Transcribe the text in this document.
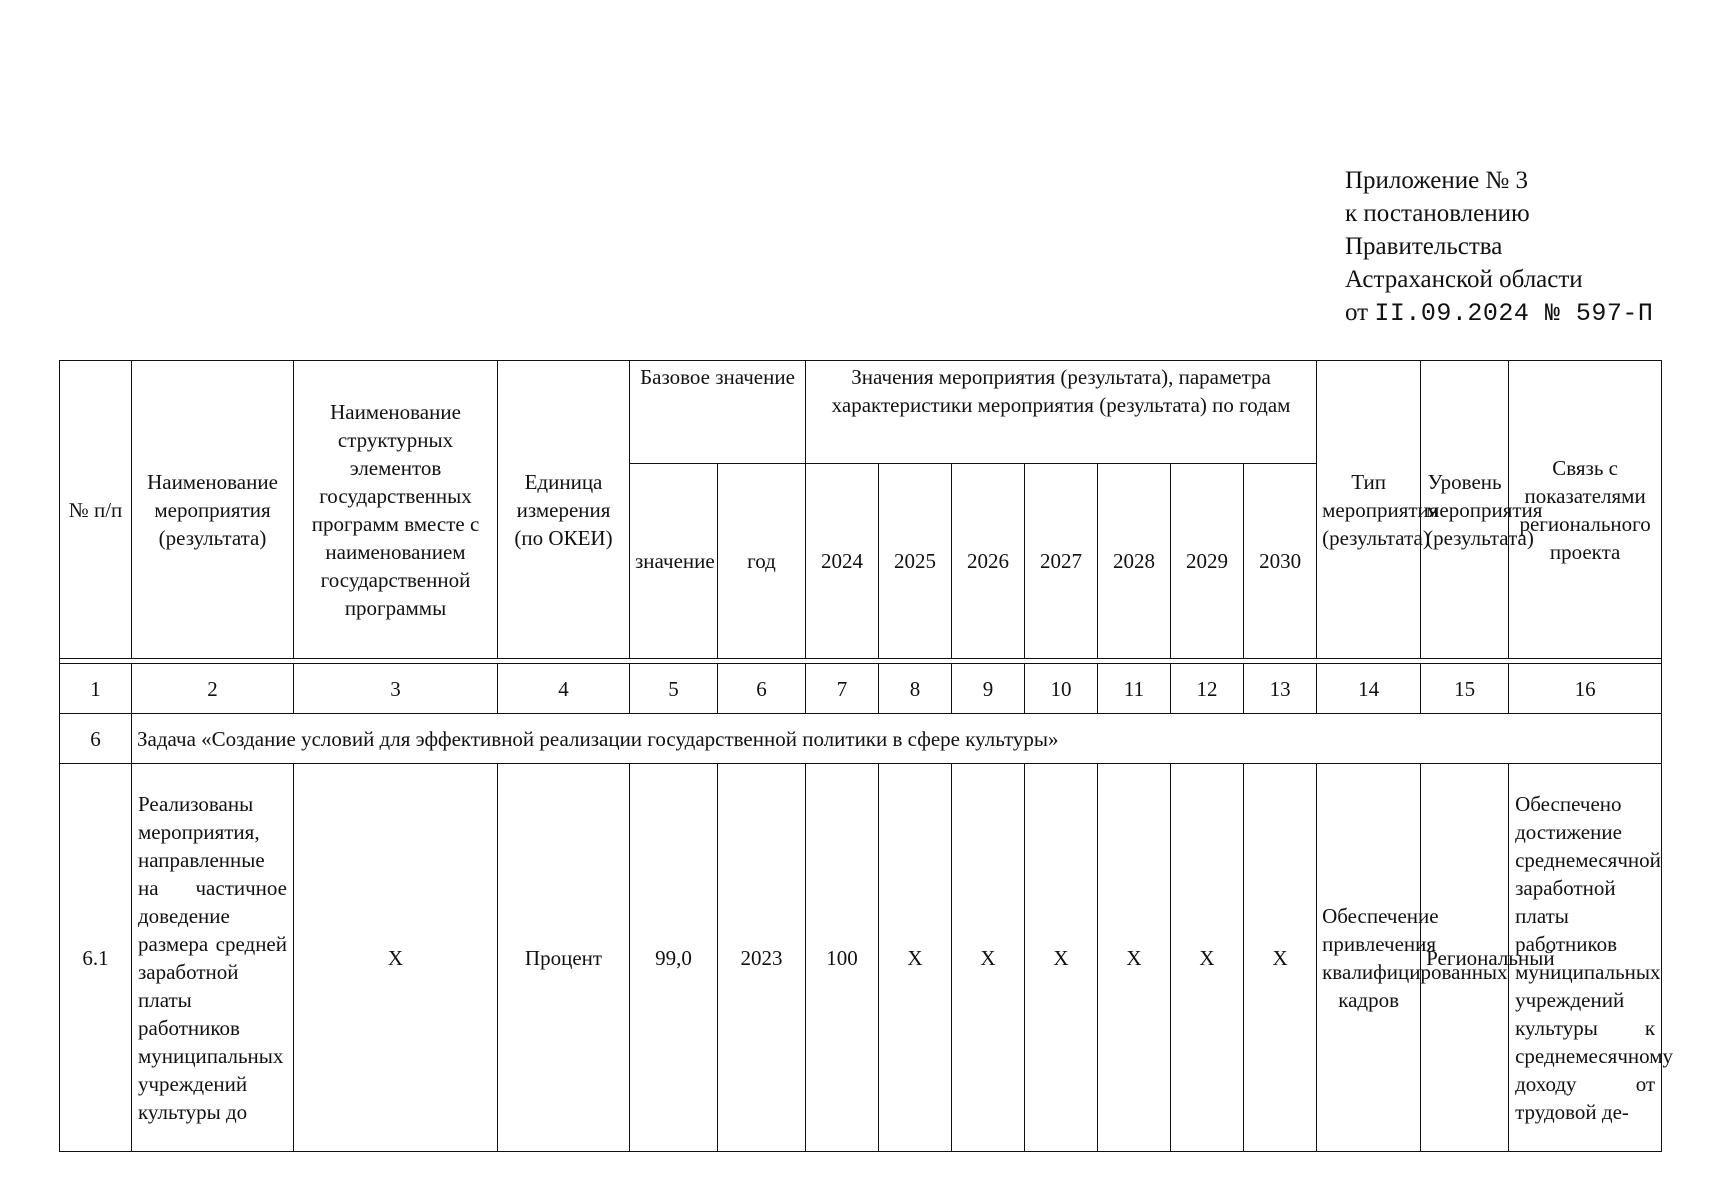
Приложение № 3
к постановлению
Правительства
Астраханской области
от II.09.2024 № 597-П
№ п/п	Наименование мероприятия (результата)	Наименование структурных элементов государственных программ вместе с наименованием государственной программы	Единица измерения (по ОКЕИ)	Базовое значение		Значения мероприятия (результата), параметра характеристики мероприятия (результата) по годам							Тип мероприятия (результата)	Уровень мероприятия (результата)	Связь с показателями регионального проекта
				значение	год	2024	2025	2026	2027	2028	2029	2030			

1	2	3	4	5	6	7	8	9	10	11	12	13	14	15	16
6	Задача «Создание условий для эффективной реализации государственной политики в сфере культуры»														
6.1	Реализованы мероприятия, направленные на частичное доведение размера средней заработной платы работников муниципальных учреждений культуры до	X	Процент	99,0	2023	100	X	X	X	X	X	X	Обеспечение привлечения квалифицированных кадров	Региональный	Обеспечено достижение среднемесячной заработной платы работников муниципальных учреждений культуры к среднемесячному доходу от трудовой де-
